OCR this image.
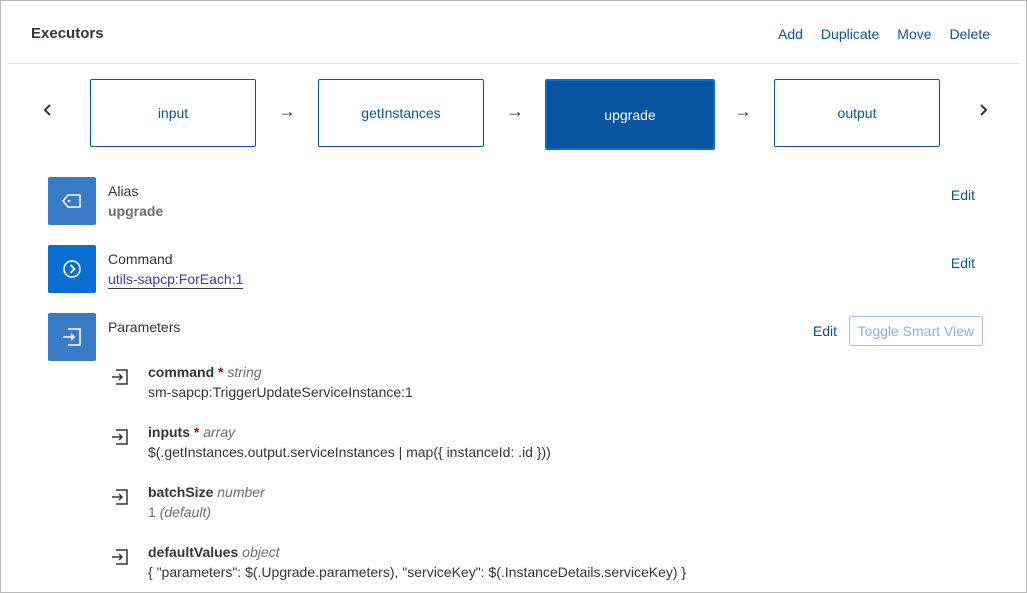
Executors	Add Duplicate Move Delete
input	→	getInstances	→	upgrade	→	output
Alias
upgrade
Edit
Command
utils-sapcp:ForEach:1
Edit
Parameters	Edit	Toggle Smart View
command * string
sm-sapcp:TriggerUpdateServiceInstance:1
inputs * array
$(.getInstances.output.serviceInstances | map({ instanceId: .id }))
batchSize number
1 (default)
defaultValues object
{ "parameters": $(.Upgrade.parameters), "serviceKey": $(.InstanceDetails.serviceKey) }
